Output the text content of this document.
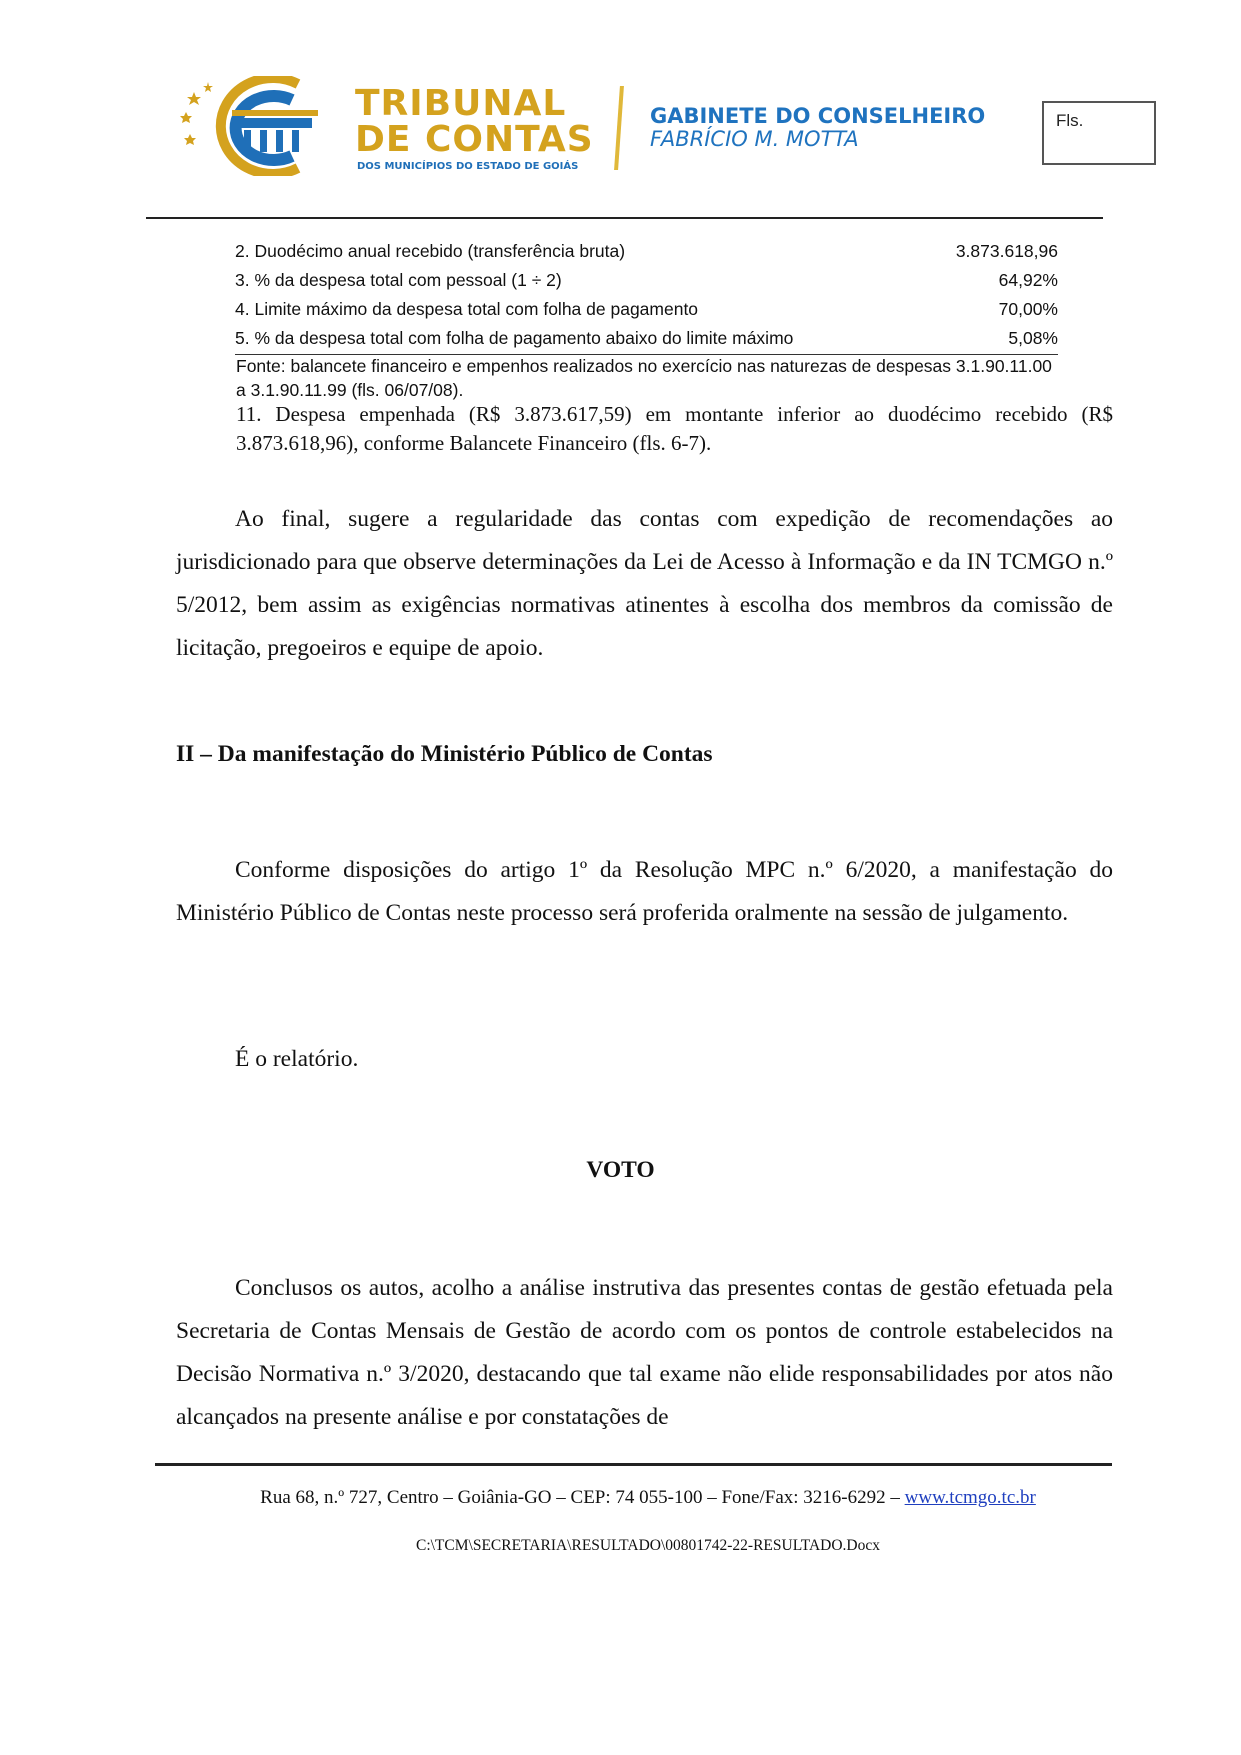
TRIBUNAL
DE CONTAS
DOS MUNICÍPIOS DO ESTADO DE GOIÁS
GABINETE DO CONSELHEIRO
FABRÍCIO M. MOTTA
Fls.
2. Duodécimo anual recebido (transferência bruta)	3.873.618,96
3. % da despesa total com pessoal (1 ÷ 2)	64,92%
4. Limite máximo da despesa total com folha de pagamento	70,00%
5. % da despesa total com folha de pagamento abaixo do limite máximo	5,08%
Fonte: balancete financeiro e empenhos realizados no exercício nas naturezas de despesas 3.1.90.11.00 a 3.1.90.11.99 (fls. 06/07/08).
11. Despesa empenhada (R$ 3.873.617,59) em montante inferior ao duodécimo recebido (R$ 3.873.618,96), conforme Balancete Financeiro (fls. 6-7).

Ao final, sugere a regularidade das contas com expedição de recomendações ao jurisdicionado para que observe determinações da Lei de Acesso à Informação e da IN TCMGO n.º 5/2012, bem assim as exigências normativas atinentes à escolha dos membros da comissão de licitação, pregoeiros e equipe de apoio.

II – Da manifestação do Ministério Público de Contas

Conforme disposições do artigo 1º da Resolução MPC n.º 6/2020, a manifestação do Ministério Público de Contas neste processo será proferida oralmente na sessão de julgamento.

É o relatório.
VOTO

Conclusos os autos, acolho a análise instrutiva das presentes contas de gestão efetuada pela Secretaria de Contas Mensais de Gestão de acordo com os pontos de controle estabelecidos na Decisão Normativa n.º 3/2020, destacando que tal exame não elide responsabilidades por atos não alcançados na presente análise e por constatações de

Rua 68, n.º 727, Centro – Goiânia-GO – CEP: 74 055-100 – Fone/Fax: 3216-6292 – www.tcmgo.tc.br
C:\TCM\SECRETARIA\RESULTADO\00801742-22-RESULTADO.Docx
